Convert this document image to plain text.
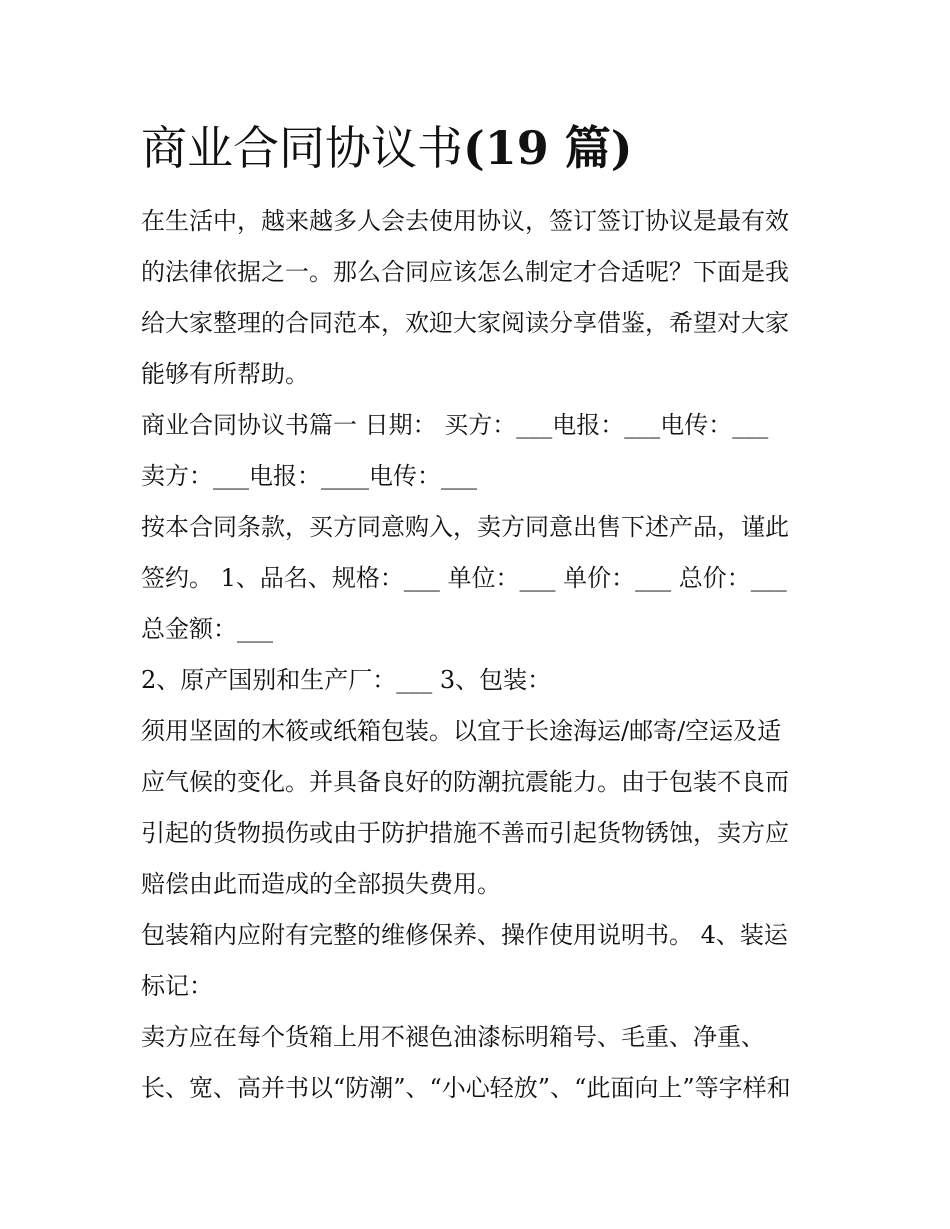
商业合同协议书(19 篇)

在生活中，越来越多人会去使用协议，签订签订协议是最有效

的法律依据之一。那么合同应该怎么制定才合适呢？下面是我

给大家整理的合同范本，欢迎大家阅读分享借鉴，希望对大家

能够有所帮助。

商业合同协议书篇一 日期： 买方：___电报：___电传：___

卖方：___电报：____电传：___

按本合同条款，买方同意购入，卖方同意出售下述产品，谨此

签约。 1、品名、规格：___ 单位：___ 单价：___ 总价：___

总金额：___

2、原产国别和生产厂：___ 3、包装：

须用坚固的木筱或纸箱包装。以宜于长途海运/邮寄/空运及适

应气候的变化。并具备良好的防潮抗震能力。由于包装不良而

引起的货物损伤或由于防护措施不善而引起货物锈蚀，卖方应

赔偿由此而造成的全部损失费用。

包装箱内应附有完整的维修保养、操作使用说明书。 4、装运

标记：

卖方应在每个货箱上用不褪色油漆标明箱号、毛重、净重、

长、宽、高并书以“防潮”、“小心轻放”、“此面向上”等字样和
